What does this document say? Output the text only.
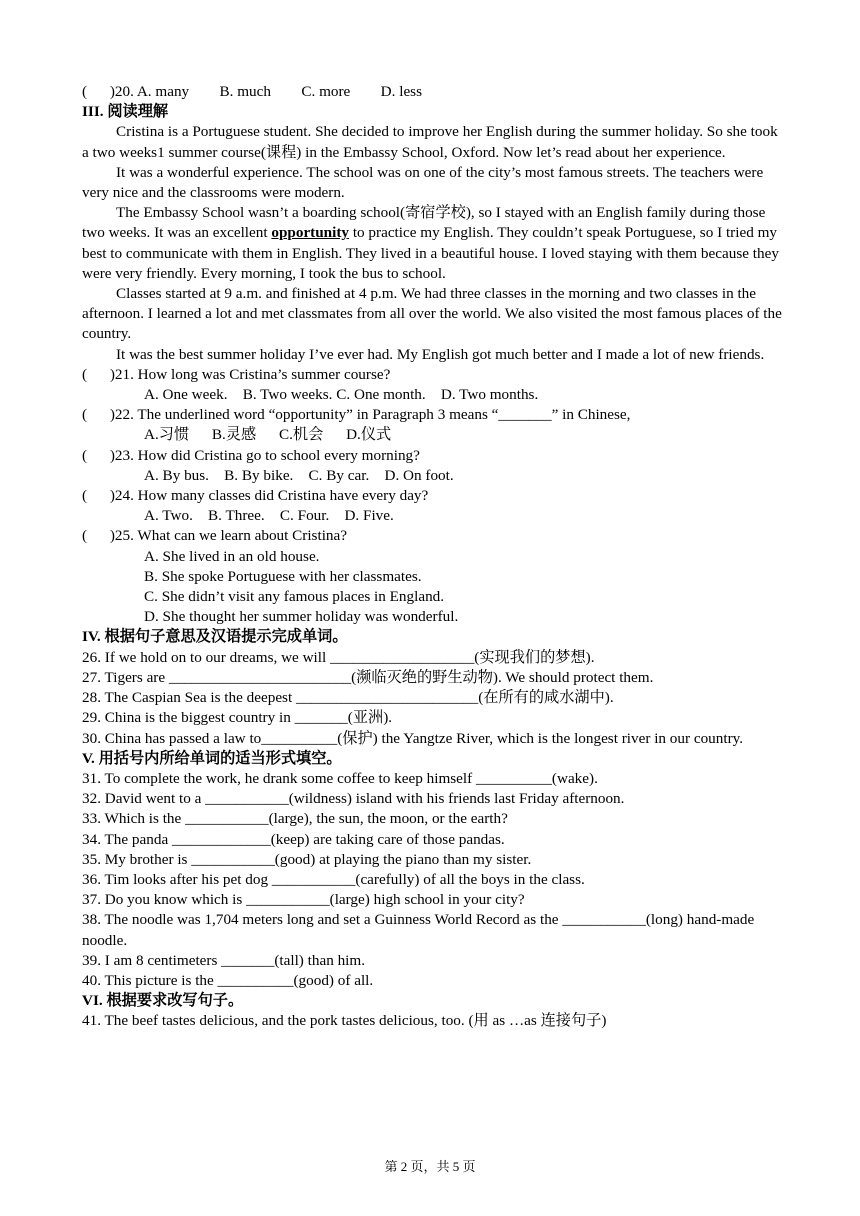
(      )20. A. many        B. much        C. more        D. less
III. 阅读理解

Cristina is a Portuguese student. She decided to improve her English during the summer holiday. So she took a two weeks1 summer course(课程) in the Embassy School, Oxford. Now let’s read about her experience.

It was a wonderful experience. The school was on one of the city’s most famous streets. The teachers were very nice and the classrooms were modern.

The Embassy School wasn’t a boarding school(寄宿学校), so I stayed with an English family during those two weeks. It was an excellent opportunity to practice my English. They couldn’t speak Portuguese, so I tried my best to communicate with them in English. They lived in a beautiful house. I loved staying with them because they were very friendly. Every morning, I took the bus to school.

Classes started at 9 a.m. and finished at 4 p.m. We had three classes in the morning and two classes in the afternoon. I learned a lot and met classmates from all over the world. We also visited the most famous places of the country.

It was the best summer holiday I’ve ever had. My English got much better and I made a lot of new friends.

(      )21. How long was Cristina’s summer course?
A. One week.    B. Two weeks. C. One month.    D. Two months.
(      )22. The underlined word “opportunity” in Paragraph 3 means “_______” in Chinese,
A.习惯      B.灵感      C.机会      D.仪式
(      )23. How did Cristina go to school every morning?
A. By bus.    B. By bike.    C. By car.    D. On foot.
(      )24. How many classes did Cristina have every day?
A. Two.    B. Three.    C. Four.    D. Five.
(      )25. What can we learn about Cristina?
A. She lived in an old house.
B. She spoke Portuguese with her classmates.
C. She didn’t visit any famous places in England.
D. She thought her summer holiday was wonderful.
IV. 根据句子意思及汉语提示完成单词。
26. If we hold on to our dreams, we will ___________________(实现我们的梦想).
27. Tigers are ________________________(濒临灭绝的野生动物). We should protect them.
28. The Caspian Sea is the deepest ________________________(在所有的咸水湖中).
29. China is the biggest country in _______(亚洲).
30. China has passed a law to__________(保护) the Yangtze River, which is the longest river in our country.
V. 用括号内所给单词的适当形式填空。
31. To complete the work, he drank some coffee to keep himself __________(wake).
32. David went to a ___________(wildness) island with his friends last Friday afternoon.
33. Which is the ___________(large), the sun, the moon, or the earth?
34. The panda _____________(keep) are taking care of those pandas.
35. My brother is ___________(good) at playing the piano than my sister.
36. Tim looks after his pet dog ___________(carefully) of all the boys in the class.
37. Do you know which is ___________(large) high school in your city?
38. The noodle was 1,704 meters long and set a Guinness World Record as the ___________(long) hand-made noodle.
39. I am 8 centimeters _______(tall) than him.
40. This picture is the __________(good) of all.
VI. 根据要求改写句子。
41. The beef tastes delicious, and the pork tastes delicious, too. (用 as …as 连接句子)
第 2 页，共 5 页
